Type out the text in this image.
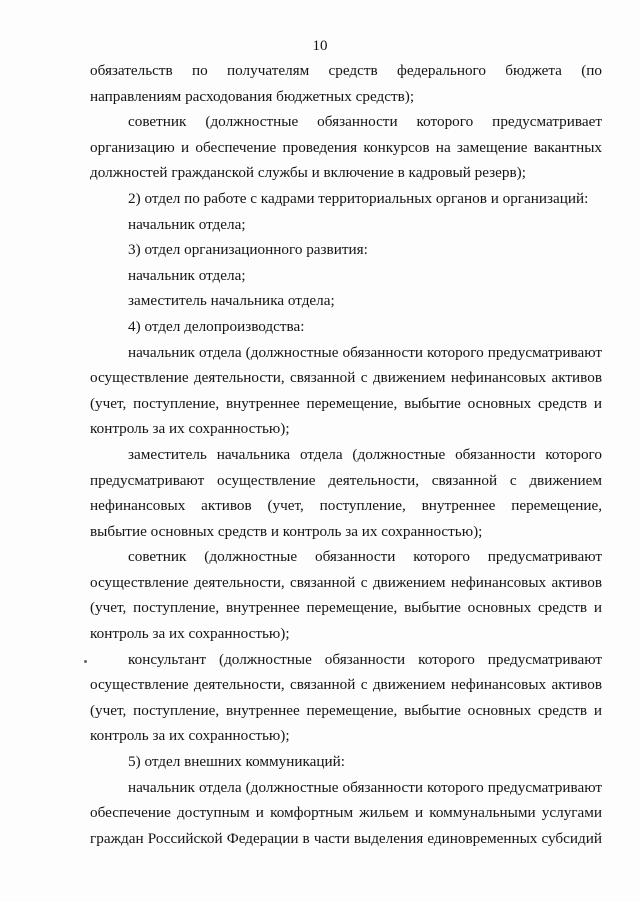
10

обязательств по получателям средств федерального бюджета (по направлениям расходования бюджетных средств);

советник (должностные обязанности которого предусматривает организацию и обеспечение проведения конкурсов на замещение вакантных должностей гражданской службы и включение в кадровый резерв);

2) отдел по работе с кадрами территориальных органов и организаций:

начальник отдела;

3) отдел организационного развития:

начальник отдела;

заместитель начальника отдела;

4) отдел делопроизводства:

начальник отдела (должностные обязанности которого предусматривают осуществление деятельности, связанной с движением нефинансовых активов (учет, поступление, внутреннее перемещение, выбытие основных средств и контроль за их сохранностью);

заместитель начальника отдела (должностные обязанности которого предусматривают осуществление деятельности, связанной с движением нефинансовых активов (учет, поступление, внутреннее перемещение, выбытие основных средств и контроль за их сохранностью);

советник (должностные обязанности которого предусматривают осуществление деятельности, связанной с движением нефинансовых активов (учет, поступление, внутреннее перемещение, выбытие основных средств и контроль за их сохранностью);

консультант (должностные обязанности которого предусматривают осуществление деятельности, связанной с движением нефинансовых активов (учет, поступление, внутреннее перемещение, выбытие основных средств и контроль за их сохранностью);

5) отдел внешних коммуникаций:

начальник отдела (должностные обязанности которого предусматривают обеспечение доступным и комфортным жильем и коммунальными услугами граждан Российской Федерации в части выделения единовременных субсидий
